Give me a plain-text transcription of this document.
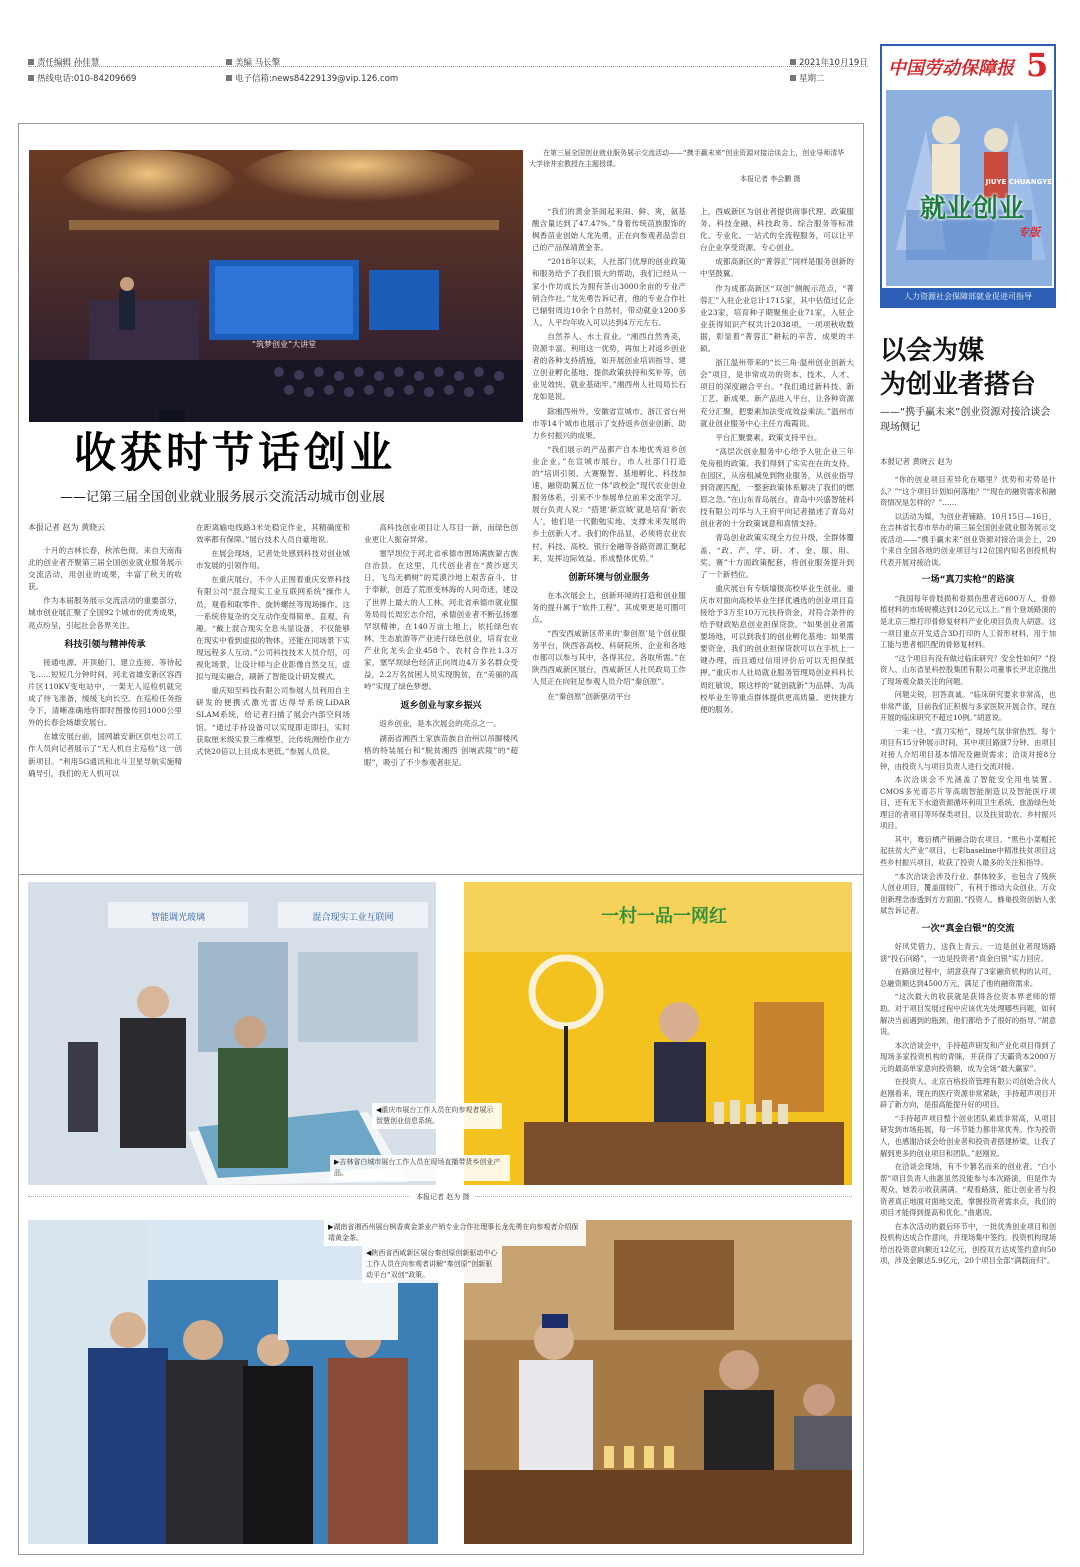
责任编辑 孙佳慧
热线电话:010-84209669
美编 马长擎
电子信箱:news84229139@vip.126.com
2021年10月19日
星期二	中国劳动保障报 5
JIUYE CHUANGYE
就业创业
专版
人力资源社会保障部就业促进司指导
“筑梦创业”大讲堂
收获时节话创业
——记第三届全国创业就业服务展示交流活动城市创业展
在第三届全国创业就业服务展示交流活动——“携手赢未来”创业资源对接洽谈会上，创业导师清华大学徐井宏教授在主题授课。
本报记者 李会鹏 摄
本报记者 赵为 黄晓云

十月的吉林长春，秋浓色彻。来自天南海北的创业者齐聚第三届全国创业就业服务展示交流活动，用创业的成果，丰富了秋天的收获。

作为本届服务展示交流活动的重要部分，城市创业展汇聚了全国92个城市的优秀成果，亮点纷呈，引起社会各界关注。

科技引领与精神传承

接通电源、开顶舱门、建立连接、等待起飞……短短几分钟时间，河北省雄安新区容西片区110KV变电站中，一架无人巡检机就完成了待飞准备，缓缓飞向长空。在巡检任务指令下，清晰准确地将即时图像传回1000公里外的长春会场雄安展台。

在雄安展台前，国网雄安新区供电公司工作人员向记者展示了“无人机自主巡检”这一创新项目。“利用5G通讯和北斗卫星导航实施精确导引，我们的无人机可以

在距离输电线路3米处稳定作业，其精确度和效率都有保障。”展台技术人员自豪地说。

在展会现场，记者处处感到科技对创业城市发展的引领作用。

在重庆展台，不少人正围着重庆安界科技有限公司“混合现实工业互联网系统”操作人员，观看和取零件、旋转螺丝等现场操作。这一系统将复杂的交互动作变得简单、直观、有趣。“戴上混合现实全息头显设备，不仅能够在现实中看到虚拟的物体，还能在同场景下实现远程多人互动。”公司科技技术人员介绍，可视化场景，让设计师与企业影像自然交互，虚拟与现实融合，刷新了智能设计研发模式。

重庆知至科技有限公司参展人员利用自主研发的便携式激光雷达得导系统LiDAR SLAM系统，给记者扫描了展会内部空间场馆。“通过手持设备可以实现即走即扫，实时获取厘米级实景三维模型，比传统测绘作业方式快20倍以上且成本更低。”参展人员说。

高科技创业项目让人耳目一新，而绿色创业更让人振奋异常。

塞罕坝位于河北省承德市围场满族蒙古族自治县。在这里，几代创业者在“黄沙遮天日，飞鸟无栖树”的荒漠沙地上艰苦奋斗，甘于奉献，创造了荒原变林海的人间奇迹，建设了世界上最大的人工林。河北省承德市就业服务局局长周宏志介绍，承德创业者不断弘扬塞罕坝精神，在140万亩土地上，依托绿色农林、生态旅游等产业进行绿色创业，培育农业产业化龙头企业458个、农村合作社1.3万家，塞罕坝绿色经济正向周边4万多名群众受益，2.2万名贫困人员实现脱贫，在“美丽的高岭”实现了绿色梦想。

返乡创业与家乡振兴

返乡创业，是本次展会的亮点之一。

湖南省湘西土家族苗族自治州以吊脚楼风格的特装展台和“脱贫湘西 创响武陵”的“超眼”，吸引了不少参观者驻足。

“我们的黄金茶闻起来闹、鲜、爽，氨基酸含量达到了47.47%。”身着传统苗族服饰的枫香苗业创始人龙先勇，正在向参观者品尝自己的产品保靖黄金茶。

“2018年以来，人社部门优厚的创业政策和服务给予了我们很大的帮助，我们已经从一家小作坊成长为拥有茶山3000余亩的专业产销合作社。”龙先勇告诉记者，他的专业合作社已辐射周边10余个自然村，带动就业1200多人，人平均年收入可以达到4万元左右。

自然养人、水土育业。“湘西自然秀美，资源丰富。利用这一优势，再加上对返乡创业者的各种支持措施，如开展创业培训指导、建立创业孵化基地、提供政策扶持和奖补等，创业见效快、就业基础牢。”湘西州人社局局长石龙如是说。

除湘西州外，安徽省宣城市、浙江省台州市等14个城市也展示了支持返乡创业创新、助力乡村振兴的成果。

“我们展示的产品都产自本地优秀返乡创业企业。”在宣城市展台，市人社部门打造的“培训引领、大赛聚智、基地孵化、科技加速、融资助翼五位一体”政校企”现代农业创业服务体系，引来不少参展单位前来交流学习。展台负责人说：“搭建‘新宣城’就是培育‘新农人’，他们是一代勤勉实地、支撑未来发展的乡土创新人才。我们的作品显，必须将农业农村、科技、高校、银行金融等各路资源汇聚起来，发挥边际效益、形成整体优势。”

创新环境与创业服务

在本次展会上，创新环境的打造和创业服务的提升属于“软件工程”，其成果更是可圈可点。

“西安西咸新区带来的‘秦创原’是个创业服务平台，陕西各高校、科研院所、企业和各地市都可以参与其中，各得其位、各取所需。”在陕西西咸新区展台，西咸新区人社民政局工作人员正在向驻足参观人员介绍“秦创原”。

在“秦创原”创新驱动平台

上，西咸新区为创业者提供商事代理、政策服务、科技金融、科技政务、综合服务等标准化、专业化、一站式的全流程服务，可以让平台企业享受资源、专心创业。

成都高新区的“菁蓉汇”同样是服务创新的中坚鼓翼。

作为成都高新区“双创”侧舰示范点，“菁蓉汇”入驻企业总计1715家，其中估值过亿企业23家，培育种子期聚焦企业71家，入驻企业获得知识产权共计2038项。一项项秋收数据，彰显着“菁蓉汇”耕耘的辛苦、成果的丰硕。

浙江温州带来的“长三角·温州创业创新大会”项目，是非常成功的资本、技术、人才、项目的深度融合平台。“我们通过新科技、新工艺、新成果、新产品进入平台，让各种资源充分汇聚，把要素加法变成效益乘法。”温州市就业创业服务中心主任方海霞说。

平台汇聚要素，政策支持平台。

“高层次创业服务中心给予入驻企业三年免房租的政策。我们得到了实实在在的支持。在园区，从房租减免到物业服务，从创业指导到资源匹配，一整套政策体系解决了我们的燃眉之急。”在山东青岛展台，青岛中兴盛智能科技有限公司华与人王府平向记者描述了青岛对创业者的十分政策诚意和真情支持。

青岛创业政策实现全方位升级，全群体覆盖、“政、产、学、研、才、金、服、用、奖、赛”十方面政策配套，将创业服务提升到了一个新档位。

重庆展台有专版墙报高校毕业生创业。重庆市对面向高校毕业生择优遴选的创业项目直接给予3万至10万元扶持资金，对符合条件的给予财政贴息创业担保贷款。“如果创业者需要场地，可以到我们的创业孵化基地；如果需要资金，我们的创业担保贷款可以在手机上一键办理，而且通过信用评价后可以无担保抵押。”重庆市人社局就业服务管理局创业科科长周红敏说，眼这样的“就创就新”为品牌、为高校毕业生等重点群体提供更高质量、更快捷方便的服务。

智能调光玻璃	混合现实工业互联网	一村一品一网红
◀重庆市展台工作人员在向参观者展示智慧创业信息系统。
▶吉林省白城市展台工作人员在现场直播带货乡创业产品。
本报记者 赵为 摄
▶湖南省湘西州展台枫香黄金茶业产销专业合作社理事长龙先勇在向参观者介绍保靖黄金茶。
◀陕西省西咸新区展台秦创原创新驱动中心工作人员在向参观者讲解“秦创原”创新驱动平台“双创”政策。
以会为媒
为创业者搭台
——“携手赢未来”创业资源对接洽谈会现场侧记
本报记者 黄晓云 赵为

“你的创业项目差异化在哪里？优势和劣势是什么？”“这个项目计划如何落地？”“现在的融资需求和融资情况是怎样的？”……

以活动为媒，为创业者铺路。10月15日—16日，在吉林省长春市举办的第三届全国创业就业服务展示交流活动——“携手赢未来”创业资源对接洽谈会上，20个来自全国各地的创业项目与12位国内知名创投机构代表开展对接洽谈。

一场“真刀实枪”的路演

“我国每年骨肢损和骨损伤患者近600万人，骨修植材料的市场规模达到120亿元以上。”首个登场路演的是北京三维打印骨修复材料产业化项目负责人胡意。这一项目重点开发适合3D打印的人工骨形材料，用于加工能与患者相匹配的骨修复材料。

“这个项目有没有做过临床研究？安全性如何？”投资人、山东省星科控股集团有限公司董事长尹北京抛出了现场观众最关注的问题。

问题尖锐，回答真诚。“临床研究要求非常高，也非常严谨，目前我们正积极与多家医院开展合作，现在开展的临床研究不超过10例。”胡意说。

一来一往，“真刀实枪”，现场气氛非常热烈。每个项目有15分钟展示时间，其中项目路演7分钟、由项目对接人介绍项目基本情况及融资需求；洽谈对接8分钟，由投资人与项目负责人进行交流对接。

本次洽谈会不光涵盖了智能安全用电装置、CMOS多光谱芯片等高端智能制造以及智能医疗项目，还有无下水道资源循环利用卫生系统、旅游绿色处理目的者项目等环保类项目，以及扶贫助农、乡村振兴项目。

其中，骞衍栖产销融合助农项目、“黑色小菜帽托起扶贫大产业”项目，七彩baseline中精准扶贫项目这些乡村振兴项目，收获了投资人最多的关注和指导。

“本次洽谈会涉及行业、群体较多，也包含了残疾人创业项目，覆盖面较广，有利于推动大众创业、万众创新理念渗透到方方面面。”投资人、蜂巢投资创始人张斌告诉记者。

一次“真金白银”的交流

好风凭借力，送我上青云。一边是创业者现场路演“投石问路”，一边是投资者“真金白银”实力回应。

在路演过程中，胡意获得了3家融资机构的认可，总融资额达到4500万元，满足了他的融资需求。

“这次最大的收获就是获得各位资本界老师的帮助。对于项目发展过程中应该优先处理哪些问题，如何解决当前遇到的瓶颈，他们都给予了很好的指导。”胡意说。

本次洽谈会中，手持超声研发和产业化项目得到了现场多家投资机构的青睐，并获得了天霸资本2000万元的最高单家意向投资额，成为全场“最大赢家”。

在投资人、北京百格投资管理有限公司创始合伙人赵刚看来，现在的医疗资源非常紧缺，手持超声项目开辟了新方向，是很高能提升好的项目。

“手持超声项目整个创业团队素质非常高，从项目研发到市场拓展，每一环节能力都非常优秀。作为投资人，也感谢洽谈会给创业者和投资者搭建桥梁，让我了解到更多的创业项目和团队。”赵刚说。

在洽谈会现场，有不少篡名而来的创业者。“白小帮”项目负责人曲惠虽然没能参与本次路演，但是作为观众，她表示收获满满。“观看路演，能让创业者与投资者真正地面对面地交流，掌握投资者需求点，我们的项目才能得到提高和优化。”曲惠说。

在本次活动的最后环节中，一批优秀创业项目和创投机构达成合作意向，并现场集中签约。投资机构现场给出投资意向额近12亿元，创投双方达成签约意向50项，涉及金额达5.9亿元，20个项目全部“满载而归”。
